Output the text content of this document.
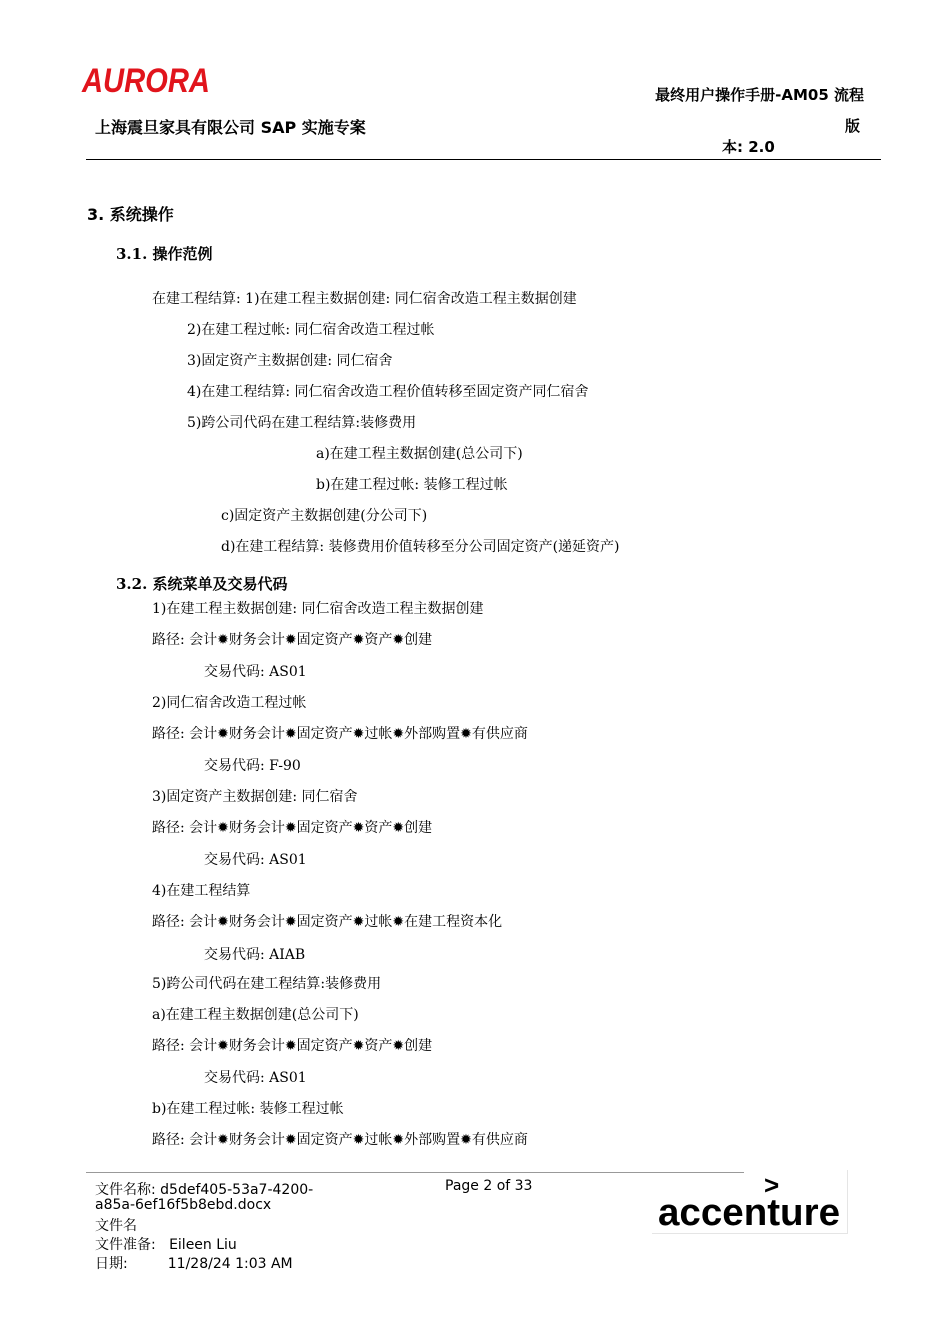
AURORA
上海震旦家具有限公司 SAP 实施专案
最终用户操作手册-AM05 流程
版
本: 2.0
3. 系统操作
3.1. 操作范例
在建工程结算: 1)在建工程主数据创建: 同仁宿舍改造工程主数据创建
2)在建工程过帐: 同仁宿舍改造工程过帐
3)固定资产主数据创建: 同仁宿舍
4)在建工程结算: 同仁宿舍改造工程价值转移至固定资产同仁宿舍
5)跨公司代码在建工程结算:装修费用
a)在建工程主数据创建(总公司下)
b)在建工程过帐: 装修工程过帐
c)固定资产主数据创建(分公司下)
d)在建工程结算: 装修费用价值转移至分公司固定资产(递延资产)
3.2. 系统菜单及交易代码
1)在建工程主数据创建: 同仁宿舍改造工程主数据创建
路径: 会计✹财务会计✹固定资产✹资产✹创建
交易代码: AS01
2)同仁宿舍改造工程过帐
路径: 会计✹财务会计✹固定资产✹过帐✹外部购置✹有供应商
交易代码: F-90
3)固定资产主数据创建: 同仁宿舍
路径: 会计✹财务会计✹固定资产✹资产✹创建
交易代码: AS01
4)在建工程结算
路径: 会计✹财务会计✹固定资产✹过帐✹在建工程资本化
交易代码: AIAB
5)跨公司代码在建工程结算:装修费用
a)在建工程主数据创建(总公司下)
路径: 会计✹财务会计✹固定资产✹资产✹创建
交易代码: AS01
b)在建工程过帐: 装修工程过帐
路径: 会计✹财务会计✹固定资产✹过帐✹外部购置✹有供应商
文件名称: d5def405-53a7-4200-
a85a-6ef16f5b8ebd.docx
文件名
文件准备:   Eileen Liu
日期:         11/28/24 1:03 AM
Page 2 of 33	>
accenture
